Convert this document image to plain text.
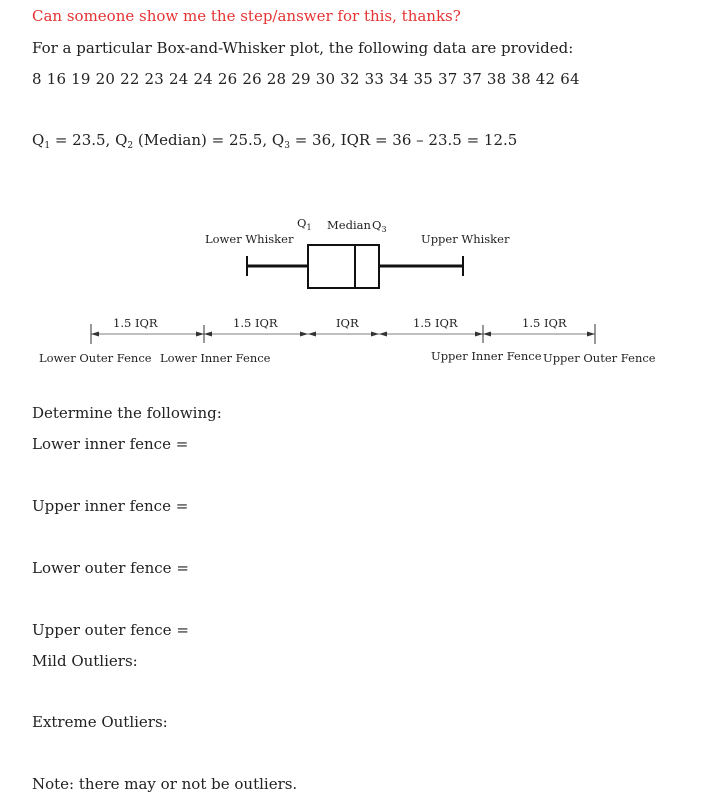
Can someone show me the step/answer for this, thanks?

For a particular Box-and-Whisker plot, the following data are provided:

8 16 19 20 22 23 24 24 26 26 28 29 30 32 33 34 35 37 37 38 38 42 64

$Q_1 = 23.5$, $Q_2$ (Median) = 25.5, $Q_3 = 36$, IQR = 36 – 23.5 = 12.5

$Q_1$ Median $Q_3$
Lower Whisker	Upper Whisker
1.5 IQR	1.5 IQR	IQR	1.5 IQR	1.5 IQR
Lower Outer Fence Lower Inner Fence	Upper Inner Fence Upper Outer Fence

Determine the following:

Lower inner fence =

Upper inner fence =

Lower outer fence =

Upper outer fence =

Mild Outliers:

Extreme Outliers:

Note: there may or not be outliers.
